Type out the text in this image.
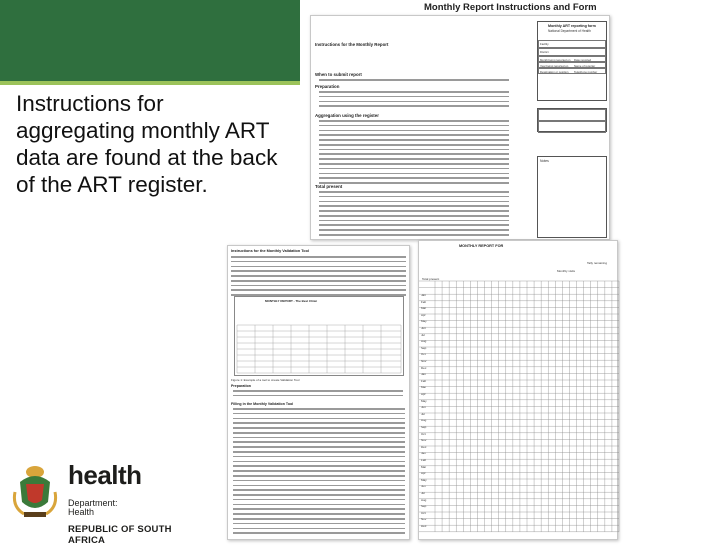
Instructions for aggregating monthly ART data are found at the back of the ART register.

Monthly Report Instructions and Form
Instructions for the Monthly Report
When to submit report
Preparation
Aggregation using the register
Total present
Monthly ART reporting form
National Department of Health
Facility
District
Month being reported on Date reported
Year being reported on Name of reporter
Designation or position Telephone number
Notes
Instructions for the Monthly Validation Tool
MONTHLY REPORT - The Best Clinic
Figure 1: Example of a tool to create Validation Tool
Preparation
Filling in the Monthly Validation Tool
MONTHLY REPORT FOR
Total present
Monthly visits
Tally remaining
Jan
Feb
Mar
Apr
May
Jun
Jul
Aug
Sep
Oct
Nov
Dec
Jan
Feb
Mar
Apr
May
Jun
Jul
Aug
Sep
Oct
Nov
Dec
Jan
Feb
Mar
Apr
May
Jun
Jul
Aug
Sep
Oct
Nov
Dec
health
Department:
Health
REPUBLIC OF SOUTH AFRICA
